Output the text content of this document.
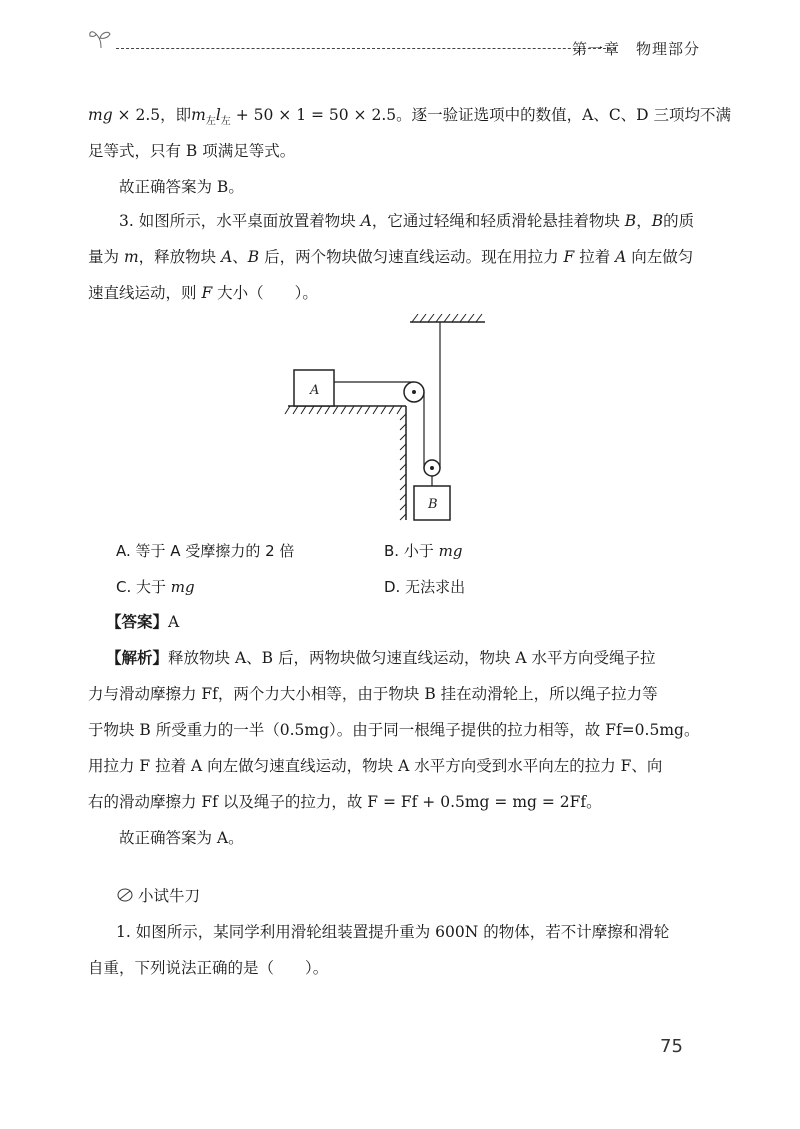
第一章　物理部分
mg × 2.5，即$m_左l_左 + 50 \times 1 = 50 \times 2.5$。逐一验证选项中的数值，A、C、D 三项均不满
足等式，只有 B 项满足等式。
故正确答案为 B。
3. 如图所示，水平桌面放置着物块 A，它通过轻绳和轻质滑轮悬挂着物块 B，B的质量为 m，释放物块 A、B 后，两个物块做匀速直线运动。现在用拉力 F 拉着 A 向左做匀速直线运动，则 F 大小（　　）。
A
B
A. 等于 A 受摩擦力的 2 倍	B. 小于 mg
C. 大于 mg	D. 无法求出
【答案】A
【解析】释放物块 A、B 后，两物块做匀速直线运动，物块 A 水平方向受绳子拉
力与滑动摩擦力 Ff，两个力大小相等，由于物块 B 挂在动滑轮上，所以绳子拉力等
于物块 B 所受重力的一半（0.5mg）。由于同一根绳子提供的拉力相等，故 Ff=0.5mg。
用拉力 F 拉着 A 向左做匀速直线运动，物块 A 水平方向受到水平向左的拉力 F、向
右的滑动摩擦力 Ff 以及绳子的拉力，故 F = Ff + 0.5mg = mg = 2Ff。
故正确答案为 A。
小试牛刀
1. 如图所示，某同学利用滑轮组装置提升重为 600N 的物体，若不计摩擦和滑轮
自重，下列说法正确的是（　　）。
75
